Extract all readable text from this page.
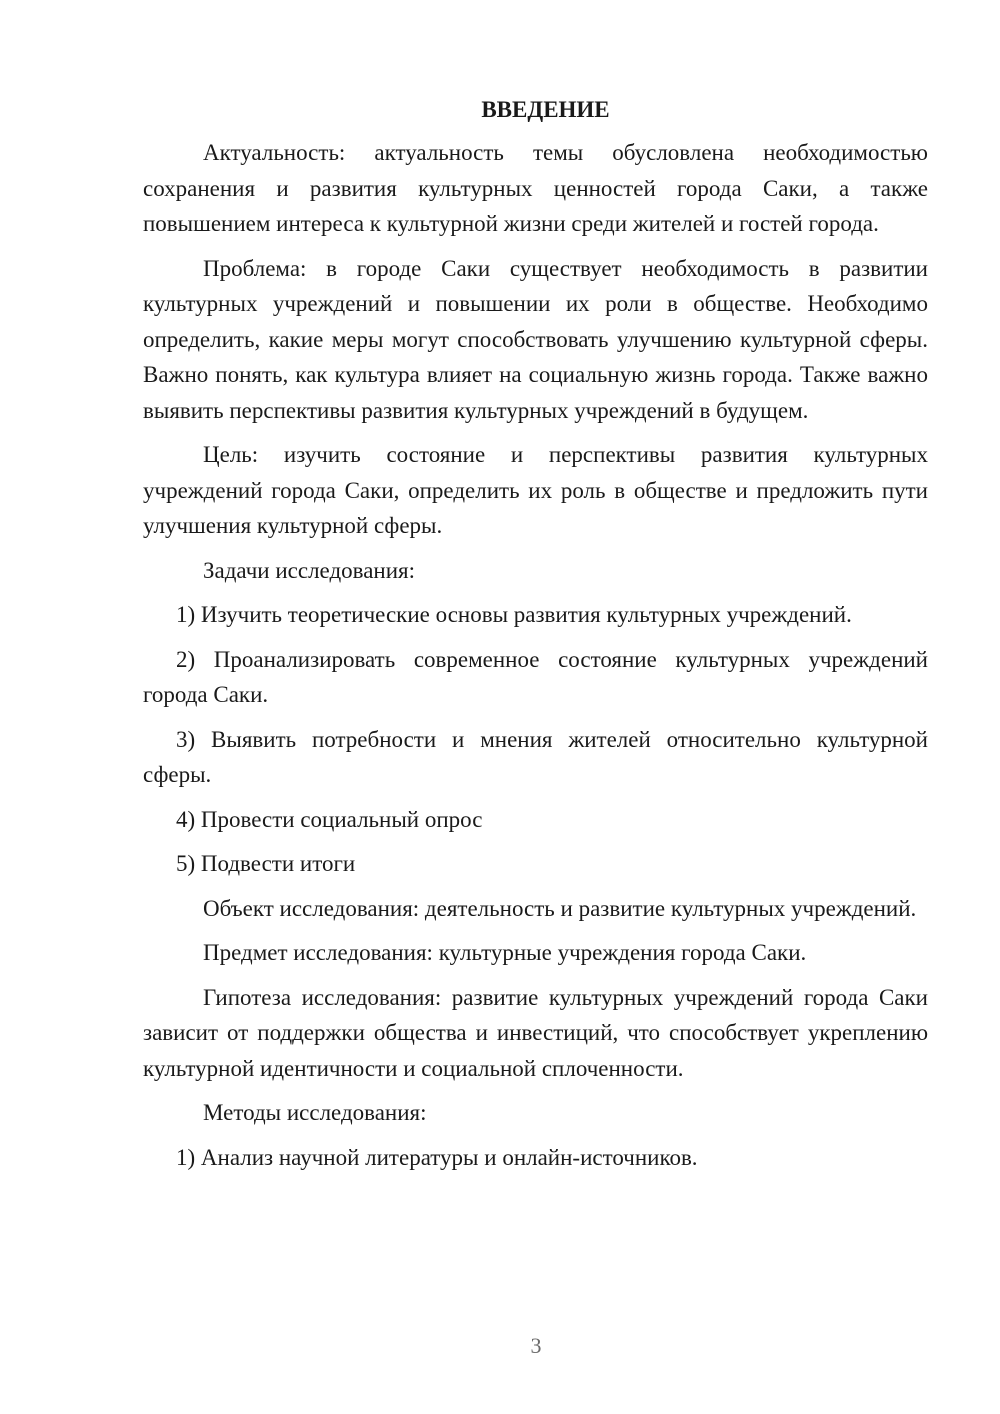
ВВЕДЕНИЕ

Актуальность: актуальность темы обусловлена необходимостью сохранения и развития культурных ценностей города Саки, а также повышением интереса к культурной жизни среди жителей и гостей города.

Проблема: в городе Саки существует необходимость в развитии культурных учреждений и повышении их роли в обществе. Необходимо определить, какие меры могут способствовать улучшению культурной сферы. Важно понять, как культура влияет на социальную жизнь города. Также важно выявить перспективы развития культурных учреждений в будущем.

Цель: изучить состояние и перспективы развития культурных учреждений города Саки, определить их роль в обществе и предложить пути улучшения культурной сферы.

Задачи исследования:

1) Изучить теоретические основы развития культурных учреждений.

2) Проанализировать современное состояние культурных учреждений города Саки.

3) Выявить потребности и мнения жителей относительно культурной сферы.

4) Провести социальный опрос

5) Подвести итоги

Объект исследования: деятельность и развитие культурных учреждений.

Предмет исследования: культурные учреждения города Саки.

Гипотеза исследования: развитие культурных учреждений города Саки зависит от поддержки общества и инвестиций, что способствует укреплению культурной идентичности и социальной сплоченности.

Методы исследования:

1) Анализ научной литературы и онлайн-источников.

3
